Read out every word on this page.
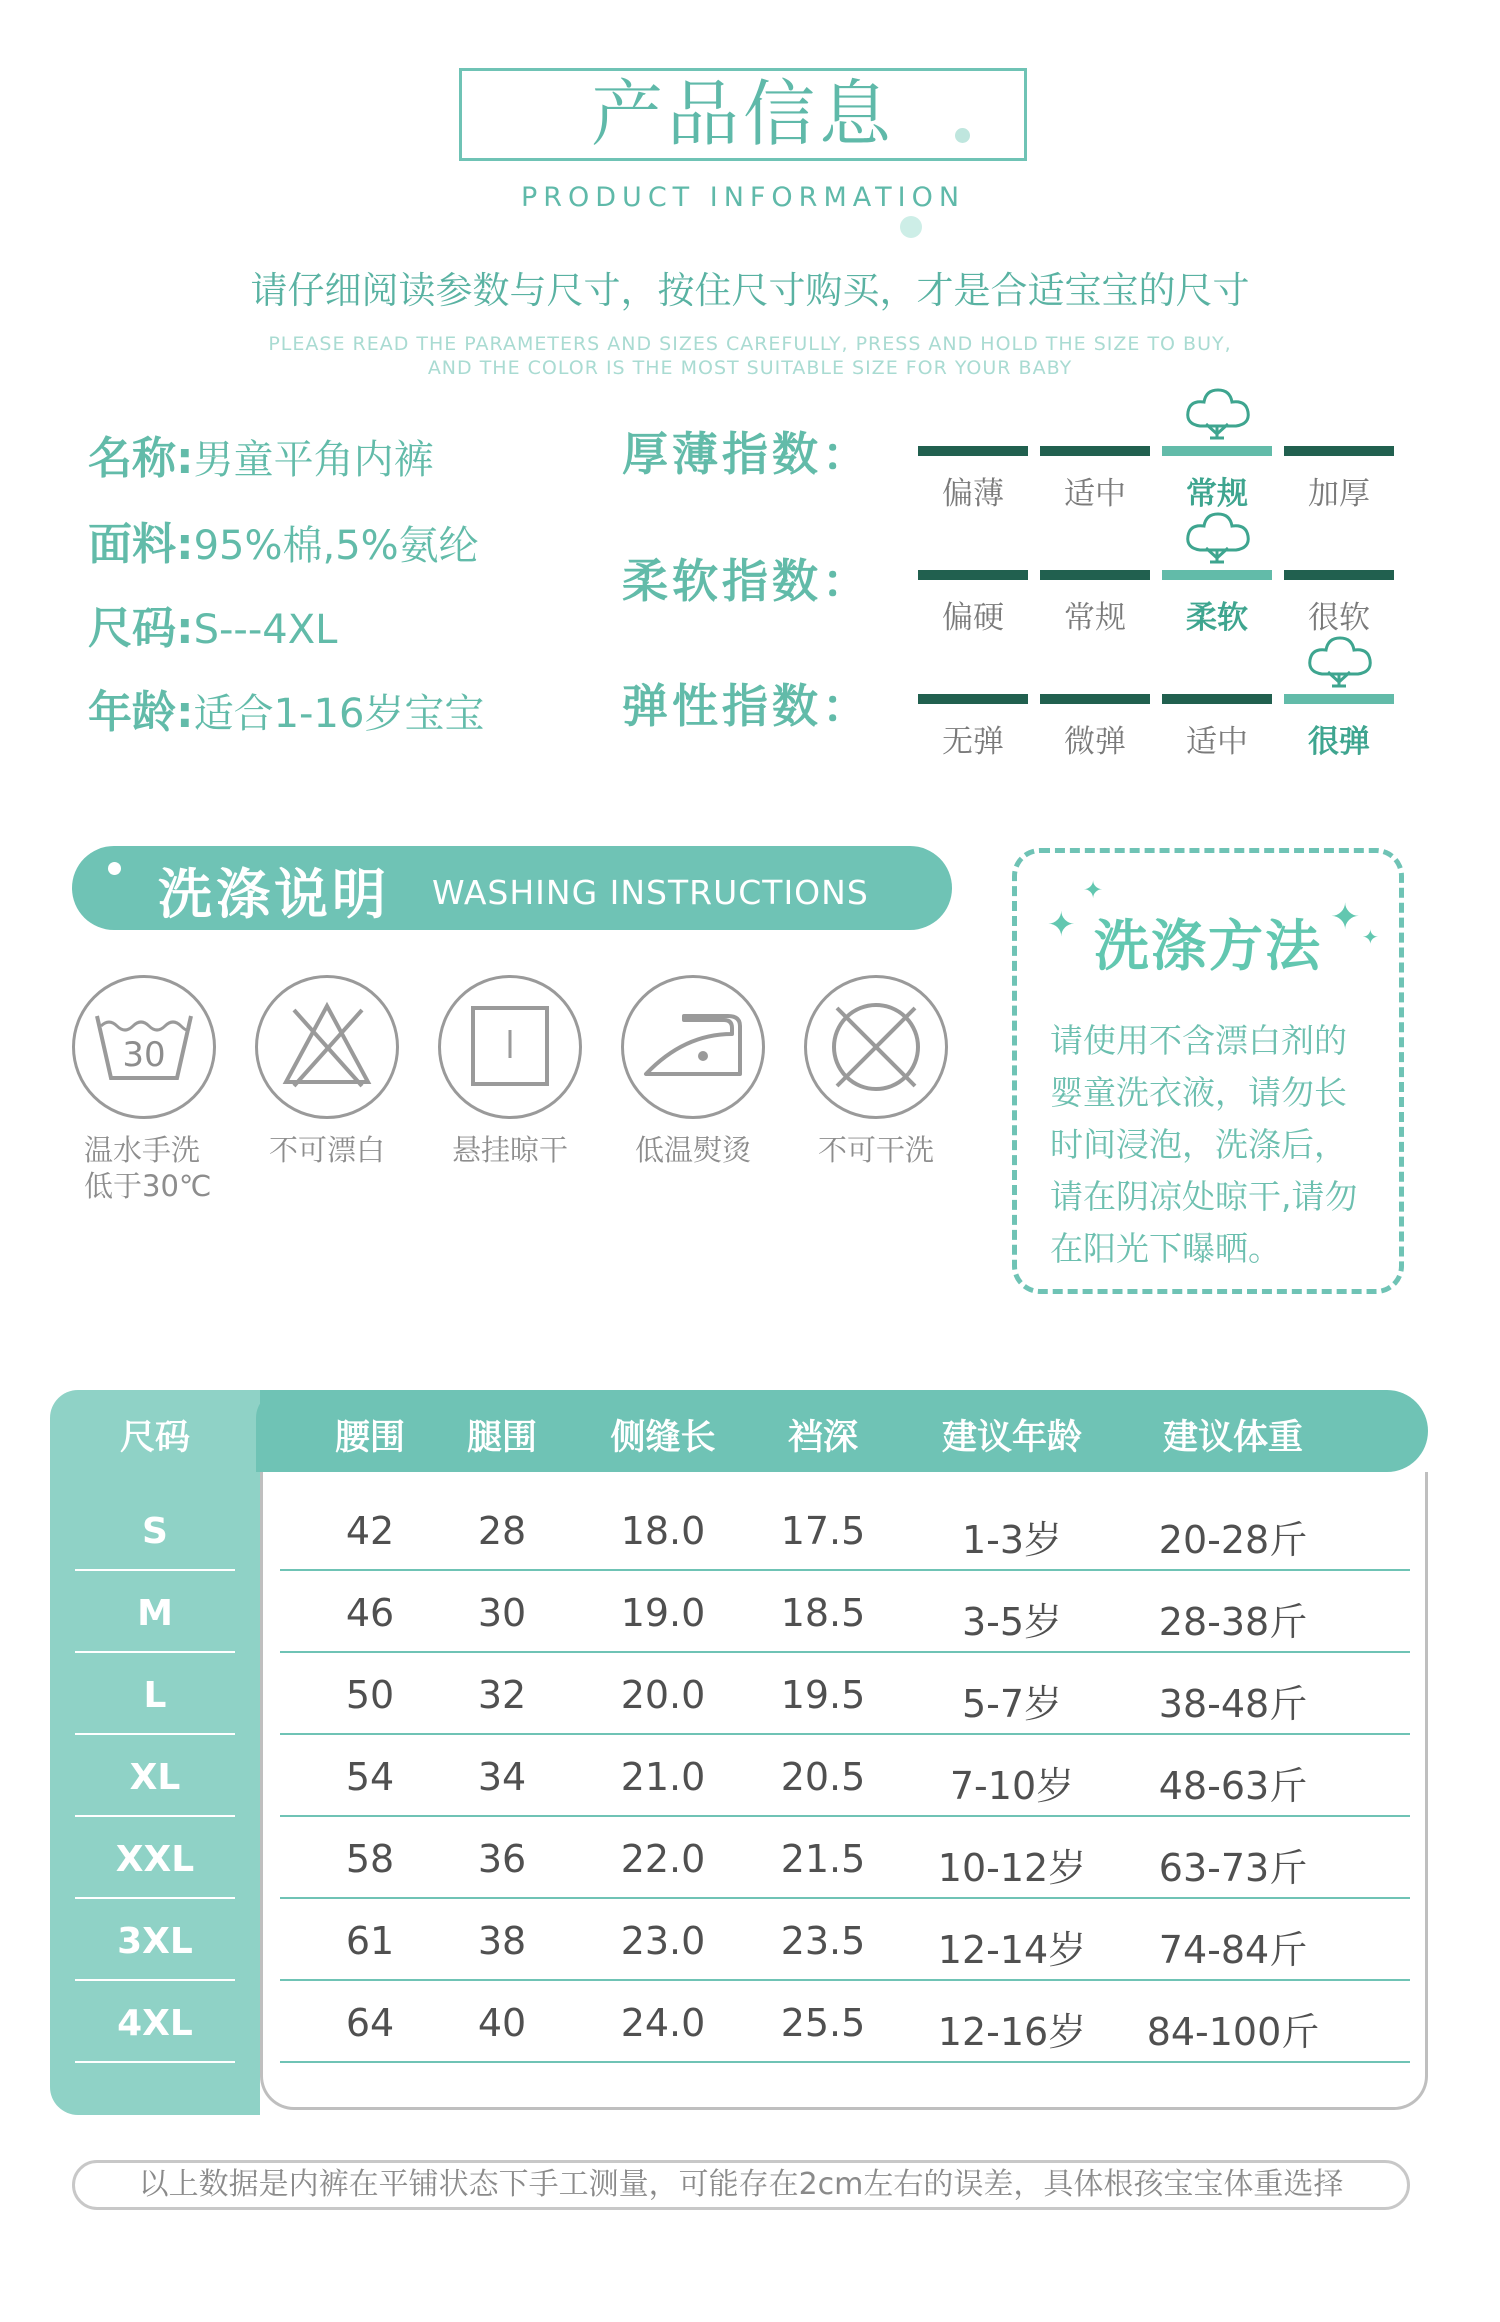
产品信息
PRODUCT INFORMATION
请仔细阅读参数与尺寸，按住尺寸购买，才是合适宝宝的尺寸
PLEASE READ THE PARAMETERS AND SIZES CAREFULLY, PRESS AND HOLD THE SIZE TO BUY,
AND THE COLOR IS THE MOST SUITABLE SIZE FOR YOUR BABY
名称:男童平角内裤
面料:95%棉,5%氨纶
尺码:S---4XL
年龄:适合1-16岁宝宝
厚薄指数：
柔软指数：
弹性指数：
偏薄	适中	常规	加厚
偏硬	常规	柔软	很软
无弹	微弹	适中	很弹
洗涤说明 WASHING INSTRUCTIONS
30
温水手洗
低于30℃
不可漂白	悬挂晾干	低温熨烫	不可干洗
✦
✦	✦ ✦
洗涤方法
请使用不含漂白剂的
婴童洗衣液，请勿长
时间浸泡，洗涤后，
请在阴凉处晾干,请勿
在阳光下曝晒。
尺码	腰围	腿围	侧缝长	裆深	建议年龄	建议体重
S	42	28	18.0	17.5	1-3岁	20-28斤
M	46	30	19.0	18.5	3-5岁	28-38斤
L	50	32	20.0	19.5	5-7岁	38-48斤
XL	54	34	21.0	20.5	7-10岁	48-63斤
XXL	58	36	22.0	21.5	10-12岁	63-73斤
3XL	61	38	23.0	23.5	12-14岁	74-84斤
4XL	64	40	24.0	25.5	12-16岁	84-100斤
以上数据是内裤在平铺状态下手工测量，可能存在2cm左右的误差，具体根孩宝宝体重选择
